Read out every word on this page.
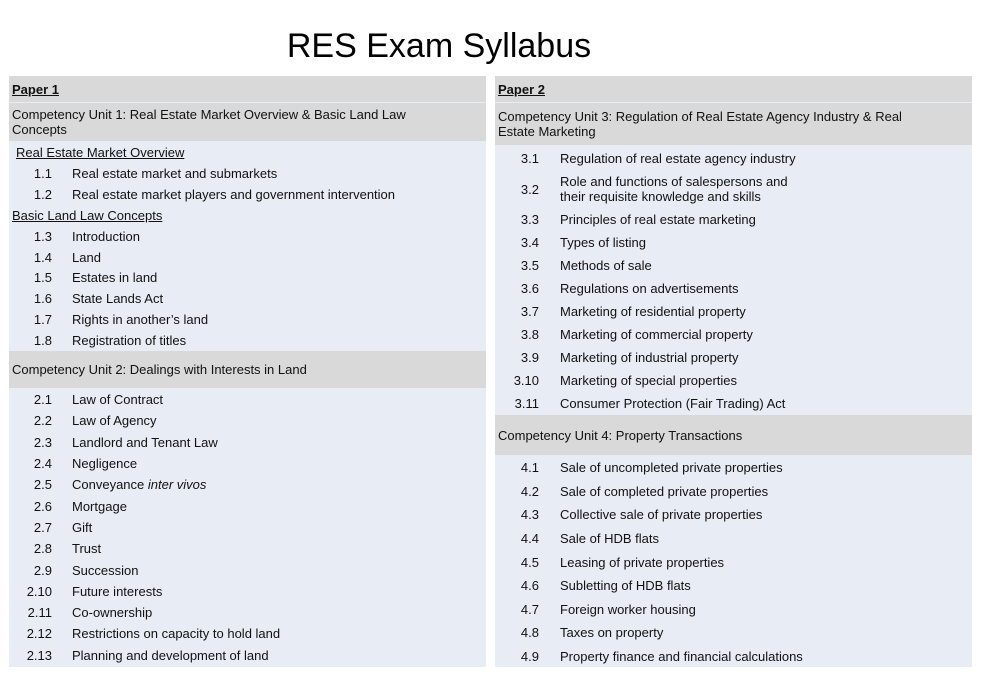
RES Exam Syllabus
Paper 1
Competency Unit 1: Real Estate Market Overview & Basic Land Law Concepts
Real Estate Market Overview
1.1 Real estate market and submarkets
1.2 Real estate market players and government intervention
Basic Land Law Concepts
1.3 Introduction
1.4 Land
1.5 Estates in land
1.6 State Lands Act
1.7 Rights in another’s land
1.8 Registration of titles
Competency Unit 2: Dealings with Interests in Land
2.1 Law of Contract
2.2 Law of Agency
2.3 Landlord and Tenant Law
2.4 Negligence
2.5 Conveyance inter vivos
2.6 Mortgage
2.7 Gift
2.8 Trust
2.9 Succession
2.10 Future interests
2.11 Co-ownership
2.12 Restrictions on capacity to hold land
2.13 Planning and development of land
Paper 2
Competency Unit 3: Regulation of Real Estate Agency Industry & Real Estate Marketing
3.1 Regulation of real estate agency industry
3.2 Role and functions of salespersons and
their requisite knowledge and skills
3.3 Principles of real estate marketing
3.4 Types of listing
3.5 Methods of sale
3.6 Regulations on advertisements
3.7 Marketing of residential property
3.8 Marketing of commercial property
3.9 Marketing of industrial property
3.10 Marketing of special properties
3.11 Consumer Protection (Fair Trading) Act
Competency Unit 4: Property Transactions
4.1 Sale of uncompleted private properties
4.2 Sale of completed private properties
4.3 Collective sale of private properties
4.4 Sale of HDB flats
4.5 Leasing of private properties
4.6 Subletting of HDB flats
4.7 Foreign worker housing
4.8 Taxes on property
4.9 Property finance and financial calculations
